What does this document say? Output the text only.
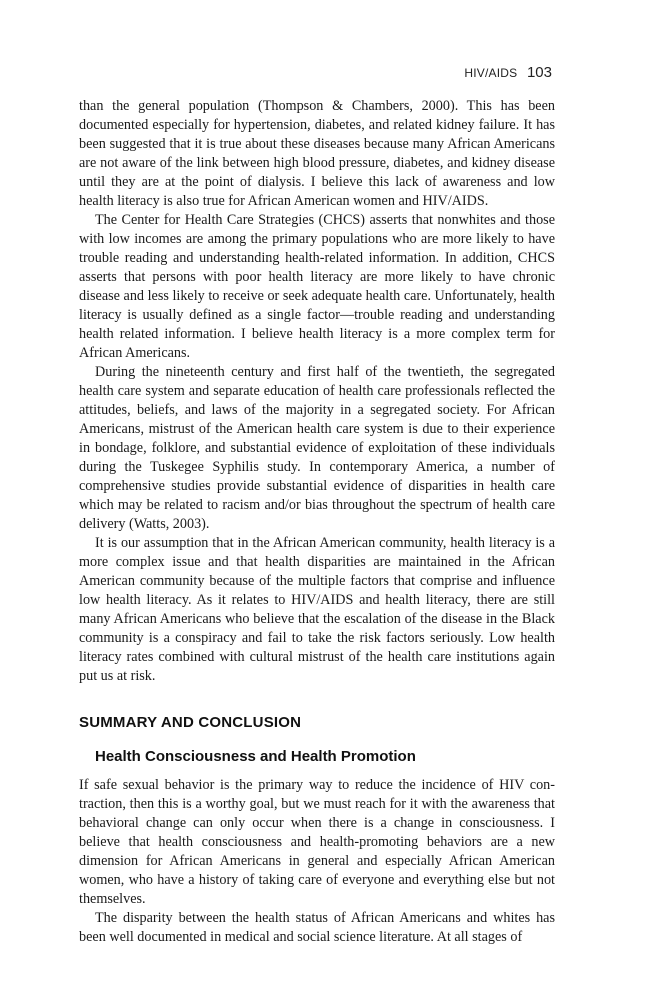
HIV/AIDS 103

than the general population (Thompson & Chambers, 2000). This has been documented especially for hypertension, diabetes, and related kidney failure. It has been suggested that it is true about these diseases because many African Americans are not aware of the link between high blood pressure, diabetes, and kidney disease until they are at the point of dialysis. I believe this lack of awareness and low health literacy is also true for African American women and HIV/AIDS.

The Center for Health Care Strategies (CHCS) asserts that nonwhites and those with low incomes are among the primary populations who are more likely to have trouble reading and understanding health-related information. In addition, CHCS asserts that persons with poor health literacy are more likely to have chronic disease and less likely to receive or seek adequate health care. Unfortunately, health literacy is usually defined as a single factor—trouble reading and understanding health related information. I believe health literacy is a more complex term for African Americans.

During the nineteenth century and first half of the twentieth, the segregated health care system and separate education of health care professionals reflected the attitudes, beliefs, and laws of the majority in a segregated society. For African Americans, mistrust of the American health care system is due to their experience in bondage, folklore, and substantial evidence of exploitation of these individuals during the Tuskegee Syphilis study. In contemporary America, a number of comprehensive studies provide substantial evidence of disparities in health care which may be related to racism and/or bias throughout the spectrum of health care delivery (Watts, 2003).

It is our assumption that in the African American community, health literacy is a more complex issue and that health disparities are maintained in the African American community because of the multiple factors that comprise and influence low health literacy. As it relates to HIV/AIDS and health literacy, there are still many African Americans who believe that the escalation of the disease in the Black community is a conspiracy and fail to take the risk factors seriously. Low health literacy rates combined with cultural mistrust of the health care institutions again put us at risk.

SUMMARY AND CONCLUSION
Health Consciousness and Health Promotion

If safe sexual behavior is the primary way to reduce the incidence of HIV contraction, then this is a worthy goal, but we must reach for it with the awareness that behavioral change can only occur when there is a change in consciousness. I believe that health consciousness and health-promoting behaviors are a new dimension for African Americans in general and especially African American women, who have a history of taking care of everyone and everything else but not themselves.

The disparity between the health status of African Americans and whites has been well documented in medical and social science literature. At all stages of
